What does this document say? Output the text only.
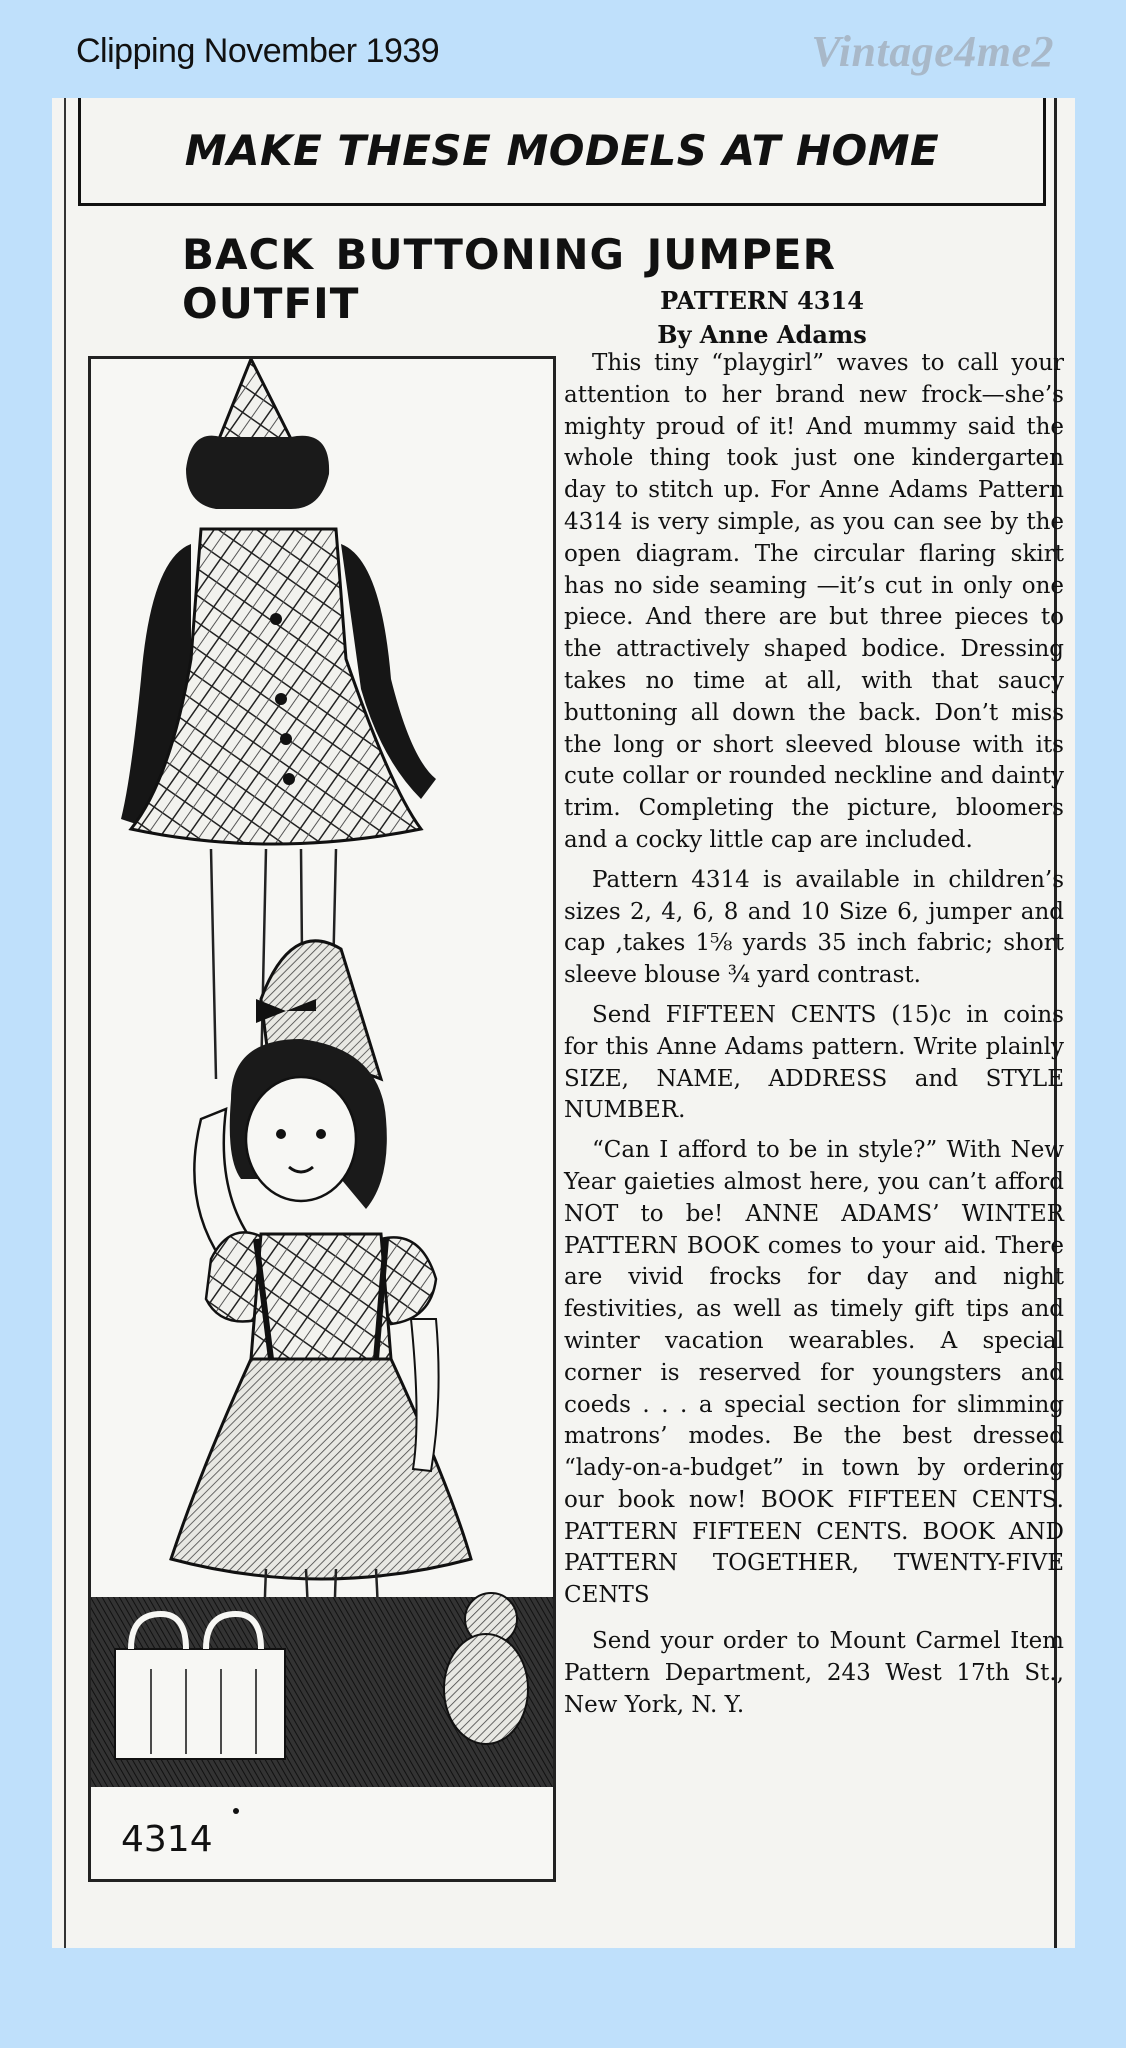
Clipping November 1939	Vintage4me2
MAKE THESE MODELS AT HOME
BACK BUTTONING JUMPER OUTFIT	PATTERN 4314
By Anne Adams
4314

This tiny “playgirl” waves to call your attention to her brand new frock—she’s mighty proud of it! And mummy said the whole thing took just one kindergarten day to stitch up. For Anne Adams Pattern 4314 is very simple, as you can see by the open diagram. The circular flaring skirt has no side seaming —it’s cut in only one piece. And there are but three pieces to the attractively shaped bodice. Dressing takes no time at all, with that saucy buttoning all down the back. Don’t miss the long or short sleeved blouse with its cute collar or rounded neckline and dainty trim. Completing the picture, bloomers and a cocky little cap are included.

Pattern 4314 is available in children’s sizes 2, 4, 6, 8 and 10 Size 6, jumper and cap ,takes 1⅝ yards 35 inch fabric; short sleeve blouse ¾ yard contrast.

Send FIFTEEN CENTS (15)c in coins for this Anne Adams pattern. Write plainly SIZE, NAME, ADDRESS and STYLE NUMBER.

“Can I afford to be in style?” With New Year gaieties almost here, you can’t afford NOT to be! ANNE ADAMS’ WINTER PATTERN BOOK comes to your aid. There are vivid frocks for day and night festivities, as well as timely gift tips and winter vacation wearables. A special corner is reserved for youngsters and coeds . . . a special section for slimming matrons’ modes. Be the best dressed “lady-on-a-budget” in town by ordering our book now! BOOK FIFTEEN CENTS. PATTERN FIFTEEN CENTS. BOOK AND PATTERN TOGETHER, TWENTY-FIVE CENTS

Send your order to Mount Carmel Item Pattern Department, 243 West 17th St., New York, N. Y.
